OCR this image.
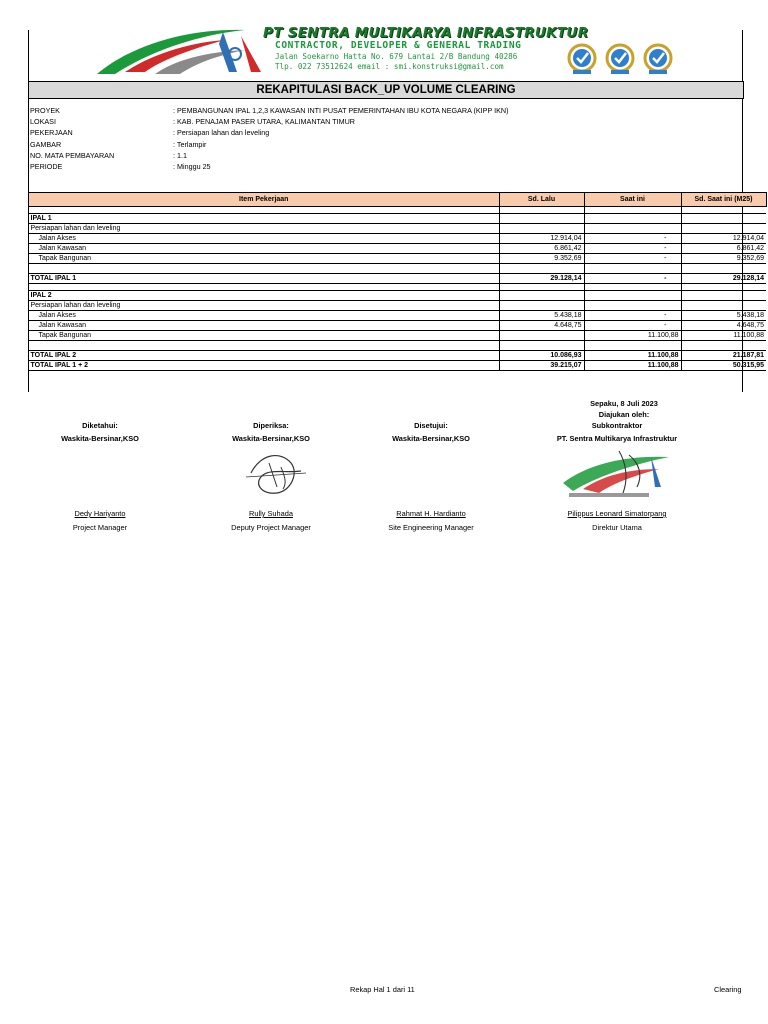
PT SENTRA MULTIKARYA INFRASTRUKTUR
CONTRACTOR, DEVELOPER & GENERAL TRADING
Jalan Soekarno Hatta No. 679 Lantai 2/B Bandung 40286
Tlp. 022 73512624 email : smi.konstruksi@gmail.com
REKAPITULASI BACK_UP VOLUME CLEARING
PROYEK	: PEMBANGUNAN IPAL 1,2,3 KAWASAN INTI PUSAT PEMERINTAHAN IBU KOTA NEGARA (KIPP IKN)
LOKASI	: KAB. PENAJAM PASER UTARA, KALIMANTAN TIMUR
PEKERJAAN	: Persiapan lahan dan leveling
GAMBAR	: Terlampir
NO. MATA PEMBAYARAN	: 1.1
PERIODE	: Minggu 25
Item Pekerjaan	Sd. Lalu	Saat ini	Sd. Saat ini (M25)

IPAL 1			
Persiapan lahan dan leveling			
Jalan Akses	12.914,04	-	12.914,04
Jalan Kawasan	6.861,42	-	6.861,42
Tapak Bangunan	9.352,69	-	9.352,69

TOTAL IPAL 1	29.128,14	-	29.128,14

IPAL 2			
Persiapan lahan dan leveling			
Jalan Akses	5.438,18	-	5.438,18
Jalan Kawasan	4.648,75	-	4.648,75
Tapak Bangunan		11.100,88	11.100,88

TOTAL IPAL 2	10.086,93	11.100,88	21.187,81
TOTAL IPAL 1 + 2	39.215,07	11.100,88	50.315,95
Sepaku, 8 Juli 2023
Diajukan oleh:
Diketahui:
Waskita-Bersinar,KSO
Dedy Hariyanto
Project Manager
Diperiksa:
Waskita-Bersinar,KSO
Rully Suhada
Deputy Project Manager
Disetujui:
Waskita-Bersinar,KSO
Rahmat H. Hardianto
Site Engineering Manager
Subkontraktor
PT. Sentra Multikarya Infrastruktur
Pilippus Leonard Simatorpang
Direktur Utama
Rekap Hal 1 dari 11	Clearing
